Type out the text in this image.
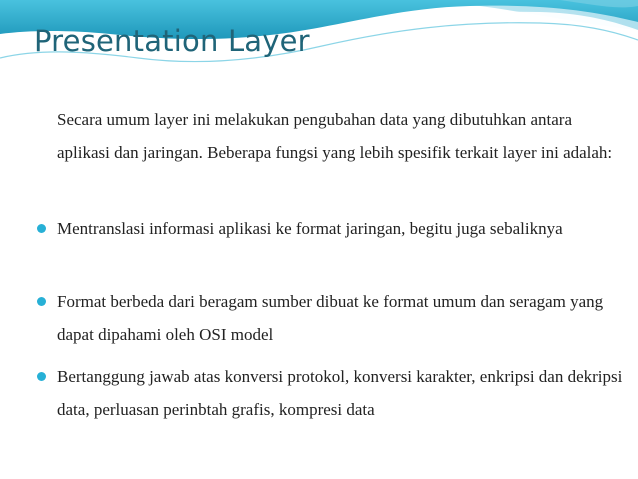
Presentation Layer

Secara umum layer ini melakukan pengubahan data yang dibutuhkan antara aplikasi dan jaringan. Beberapa fungsi yang lebih spesifik terkait layer ini adalah:

Mentranslasi informasi aplikasi ke format jaringan, begitu juga sebaliknya

Format berbeda dari beragam sumber dibuat ke format umum dan seragam yang dapat dipahami oleh OSI model

Bertanggung jawab atas konversi protokol, konversi karakter, enkripsi dan dekripsi data, perluasan perinbtah grafis, kompresi data
